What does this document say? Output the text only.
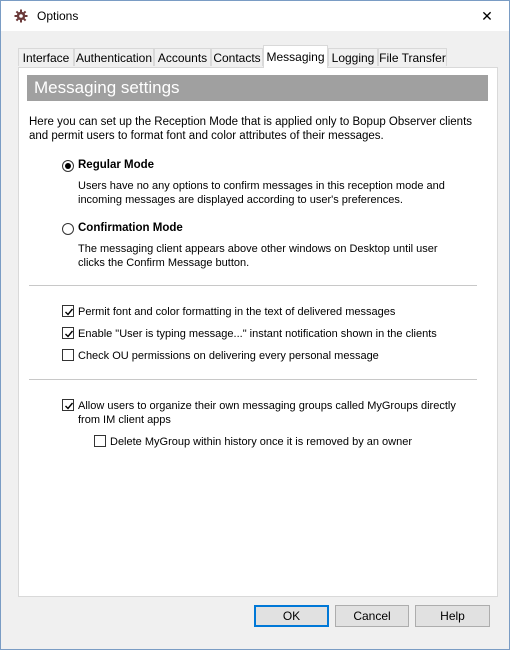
Options	✕
Interface Authentication Accounts Contacts Messaging Logging File Transfer
Messaging settings
Here you can set up the Reception Mode that is applied only to Bopup Observer clients and permit users to format font and color attributes of their messages.
Regular Mode
Users have no any options to confirm messages in this reception mode and incoming messages are displayed according to user's preferences.
Confirmation Mode
The messaging client appears above other windows on Desktop until user clicks the Confirm Message button.
Permit font and color formatting in the text of delivered messages
Enable "User is typing message..." instant notification shown in the clients
Check OU permissions on delivering every personal message
Allow users to organize their own messaging groups called MyGroups directly from IM client apps
Delete MyGroup within history once it is removed by an owner
OK	Cancel	Help
